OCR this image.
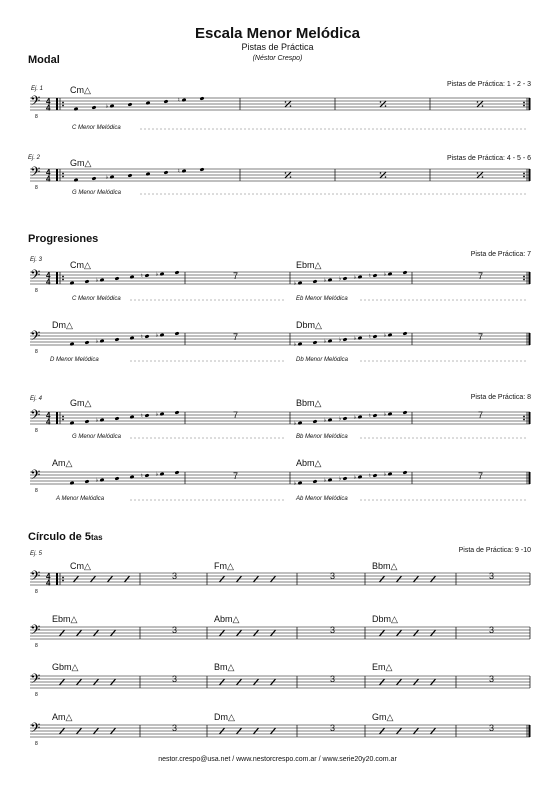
Escala Menor Melódica
Pistas de Práctica
(Néstor Crespo)
Modal
Progresiones
Círculo de 5tas
Ej. 1
Ej. 2
Ej. 3
Ej. 4
Ej. 5
Pistas de Práctica: 1 - 2 - 3
Pistas de Práctica: 4 - 5 - 6
Pista de Práctica: 7
Pista de Práctica: 8
Pista de Práctica: 9 -10
Cm△
Gm△
Cm△	Ebm△
Dm△	Dbm△
Gm△	Bbm△
Am△	Abm△
Cm△	Fm△	Bbm△
Ebm△	Abm△	Dbm△
Gbm△	Bm△	Em△
Am△	Dm△	Gm△
C Menor Melódica
G Menor Melódica
C Menor Melódica	Eb Menor Melódica
D Menor Melódica	Db Menor Melódica
G Menor Melódica	Bb Menor Melódica
A Menor Melódica	Ab Menor Melódica
7	7
7	7
7	7
7	7
3	3	3
3	3	3
3	3	3
3	3	3
nestor.crespo@usa.net / www.nestorcrespo.com.ar / www.serie20y20.com.ar
𝄢
8
4
4	♭
♮
𝄢
8
4
4	♭
♮
𝄢
8
4
4	♭
♮ ♭
♭	♭ ♭ ♭ ♮ ♭
𝄢
8
♭
♮ ♭
♭	♭ ♭ ♭ ♮ ♭
𝄢
8
4
4	♭
♮ ♭
♭	♭ ♭ ♭ ♮ ♭
𝄢
8
♭
♮ ♭
♭	♭ ♭ ♭ ♮ ♭
𝄢
8
4
4
𝄢
8
𝄢
8
𝄢
8
